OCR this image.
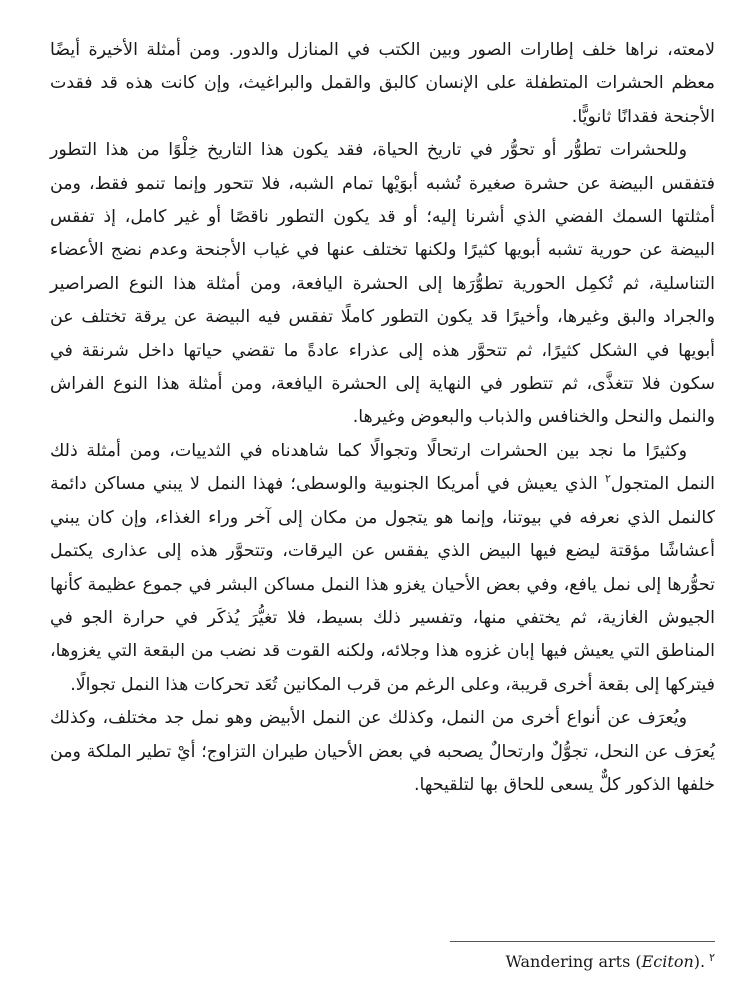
لامعته، نراها خلف إطارات الصور وبين الكتب في المنازل والدور. ومن أمثلة الأخيرة أيضًا معظم الحشرات المتطفلة على الإنسان كالبق والقمل والبراغيث، وإن كانت هذه قد فقدت الأجنحة فقدانًا ثانويًّا.

وللحشرات تطوُّر أو تحوُّر في تاريخ الحياة، فقد يكون هذا التاريخ خِلْوًا من هذا التطور فتفقس البيضة عن حشرة صغيرة تُشبه أبوَيْها تمام الشبه، فلا تتحور وإنما تنمو فقط، ومن أمثلتها السمك الفضي الذي أشرنا إليه؛ أو قد يكون التطور ناقصًا أو غير كامل، إذ تفقس البيضة عن حورية تشبه أبويها كثيرًا ولكنها تختلف عنها في غياب الأجنحة وعدم نضج الأعضاء التناسلية، ثم تُكمِل الحورية تطوُّرَها إلى الحشرة اليافعة، ومن أمثلة هذا النوع الصراصير والجراد والبق وغيرها، وأخيرًا قد يكون التطور كاملًا تفقس فيه البيضة عن يرقة تختلف عن أبويها في الشكل كثيرًا، ثم تتحوَّر هذه إلى عذراء عادةً ما تقضي حياتها داخل شرنقة في سكون فلا تتغذَّى، ثم تتطور في النهاية إلى الحشرة اليافعة، ومن أمثلة هذا النوع الفراش والنمل والنحل والخنافس والذباب والبعوض وغيرها.

وكثيرًا ما نجد بين الحشرات ارتحالًا وتجوالًا كما شاهدناه في الثدييات، ومن أمثلة ذلك النمل المتجول$^٢$ الذي يعيش في أمريكا الجنوبية والوسطى؛ فهذا النمل لا يبني مساكن دائمة كالنمل الذي نعرفه في بيوتنا، وإنما هو يتجول من مكان إلى آخر وراء الغذاء، وإن كان يبني أعشاشًا مؤقتة ليضع فيها البيض الذي يفقس عن اليرقات، وتتحوَّر هذه إلى عذارى يكتمل تحوُّرها إلى نمل يافع، وفي بعض الأحيان يغزو هذا النمل مساكن البشر في جموع عظيمة كأنها الجيوش الغازية، ثم يختفي منها، وتفسير ذلك بسيط، فلا تغيُّرَ يُذكَر في حرارة الجو في المناطق التي يعيش فيها إبان غزوه هذا وجلائه، ولكنه القوت قد نضب من البقعة التي يغزوها، فيتركها إلى بقعة أخرى قريبة، وعلى الرغم من قرب المكانين تُعَد تحركات هذا النمل تجوالًا.

ويُعرَف عن أنواع أخرى من النمل، وكذلك عن النمل الأبيض وهو نمل جد مختلف، وكذلك يُعرَف عن النحل، تجوُّلٌ وارتحالٌ يصحبه في بعض الأحيان طيران التزاوج؛ أيْ تطير الملكة ومن خلفها الذكور كلٌّ يسعى للحاق بها لتلقيحها.

$^٢$Wandering arts (Eciton).
